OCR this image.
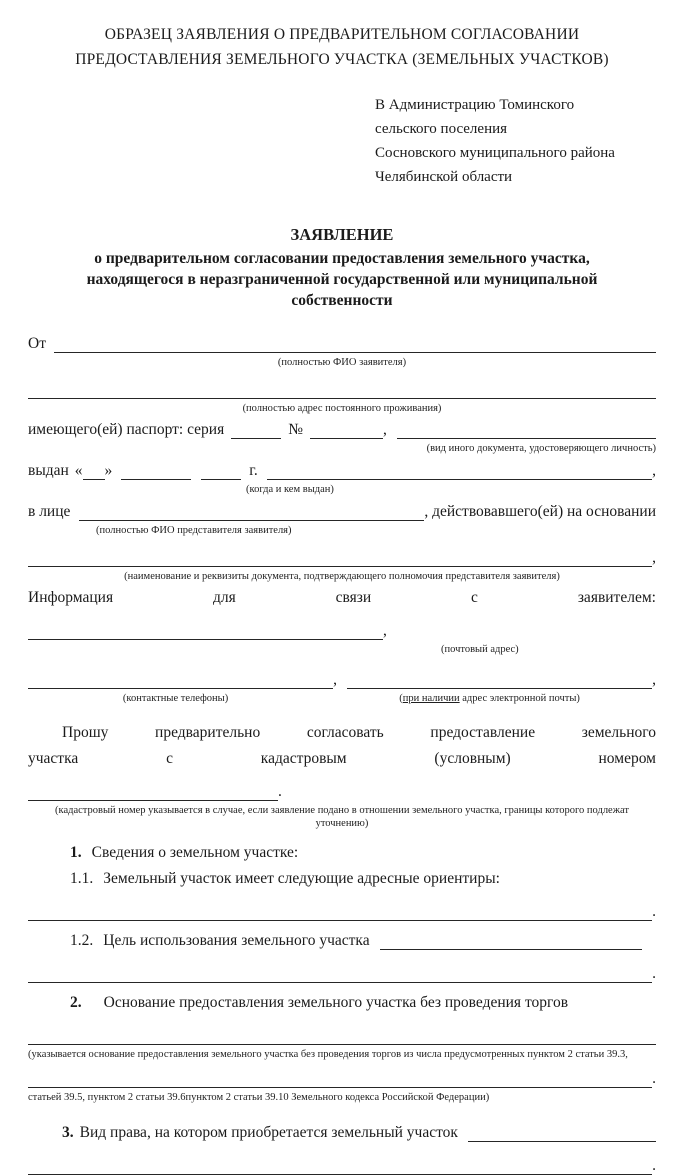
ОБРАЗЕЦ ЗАЯВЛЕНИЯ О ПРЕДВАРИТЕЛЬНОМ СОГЛАСОВАНИИ
ПРЕДОСТАВЛЕНИЯ ЗЕМЕЛЬНОГО УЧАСТКА (ЗЕМЕЛЬНЫХ УЧАСТКОВ)
В Администрацию Томинского
сельского поселения
Сосновского муниципального района
Челябинской области
ЗАЯВЛЕНИЕ
о предварительном согласовании предоставления земельного участка, находящегося в неразграниченной государственной или муниципальной собственности
От
(полностью ФИО заявителя)
(полностью адрес постоянного проживания)
имеющего(ей) паспорт: серия	№	,
(вид иного документа, удостоверяющего личность)
выдан « »	г.	,
(когда и кем выдан)
в лице	, действовавшего(ей) на основании
(полностью ФИО представителя заявителя)
,
(наименование и реквизиты документа, подтверждающего полномочия представителя заявителя)
Информация	для	связи	с	заявителем:
,
(почтовый адрес)
,	,
(контактные телефоны)	(при наличии адрес электронной почты)
Прошу	предварительно	согласовать	предоставление	земельного
участка	с	кадастровым	(условным)	номером
.
(кадастровый номер указывается в случае, если заявление подано в отношении земельного участка, границы которого подлежат уточнению)
1. Сведения о земельном участке:
1.1. Земельный участок имеет следующие адресные ориентиры:
.
1.2. Цель использования земельного участка
.
2. Основание предоставления земельного участка без проведения торгов
(указывается основание предоставления земельного участка без проведения торгов из числа предусмотренных пунктом 2 статьи 39.3,
.
статьей 39.5, пунктом 2 статьи 39.6пунктом 2 статьи 39.10 Земельного кодекса Российской Федерации)
3. Вид права, на котором приобретается земельный участок
.
